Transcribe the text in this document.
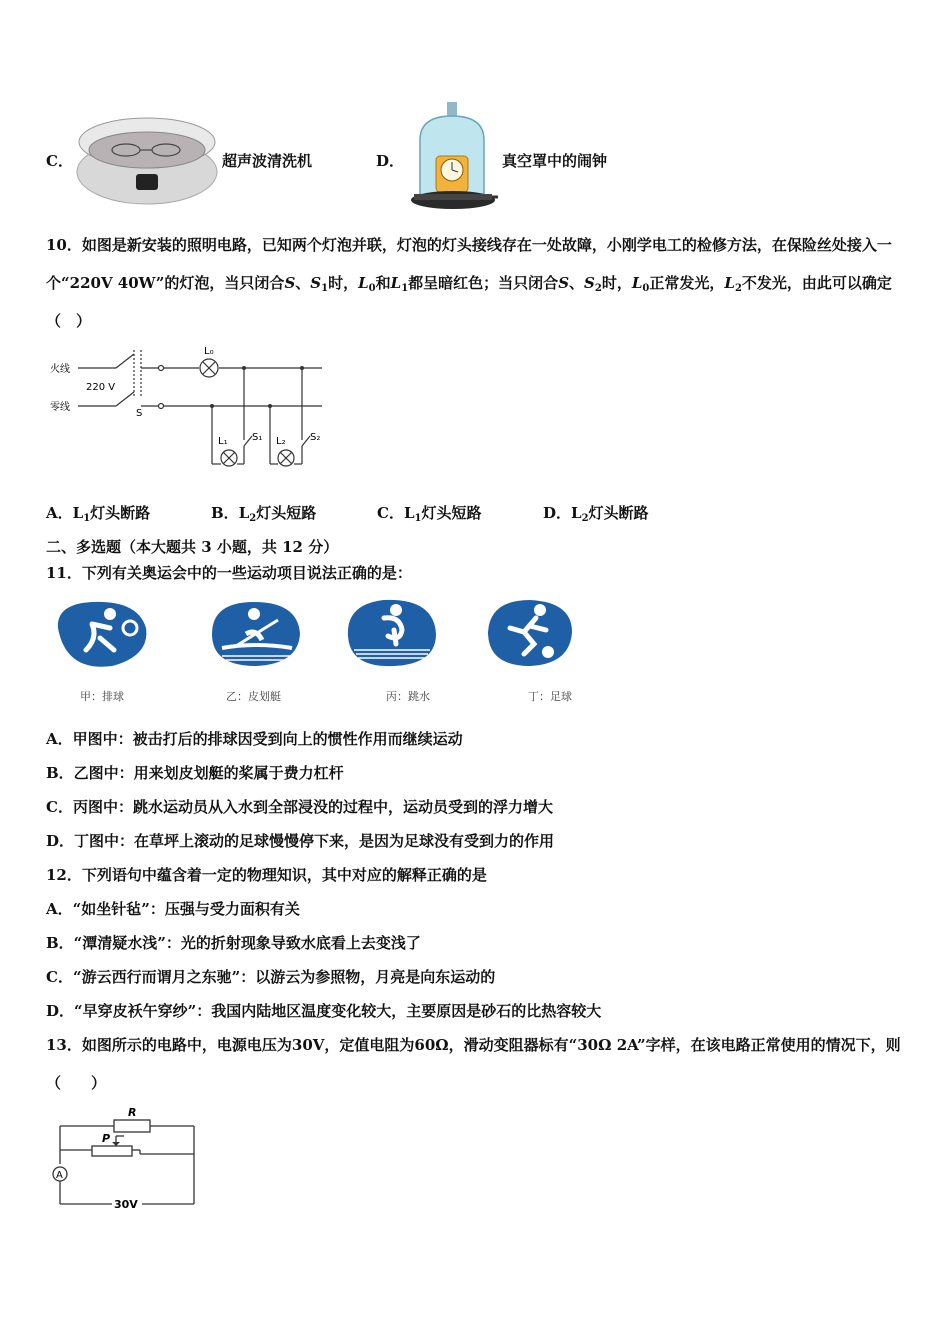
C．	超声波清洗机	D．	真空罩中的闹钟
10．如图是新安装的照明电路，已知两个灯泡并联，灯泡的灯头接线存在一处故障，小刚学电工的检修方法，在保险丝处接入一个“220V 40W”的灯泡，当只闭合S、$S_1$时，$L_0$和$L_1$都呈暗红色；当只闭合S、$S_2$时，$L_0$正常发光，$L_2$不发光，由此可以确定（　）
火线
零线
220 V
S
L₀
L₁ S₁ L₂ S₂
A．$L_1$灯头断路	B．$L_2$灯头短路	C．$L_1$灯头短路	D．$L_2$灯头断路
二、多选题（本大题共 3 小题，共 12 分）
11．下列有关奥运会中的一些运动项目说法正确的是：
甲：排球	乙：皮划艇	丙：跳水	丁：足球
A．甲图中：被击打后的排球因受到向上的惯性作用而继续运动
B．乙图中：用来划皮划艇的桨属于费力杠杆
C．丙图中：跳水运动员从入水到全部浸没的过程中，运动员受到的浮力增大
D．丁图中：在草坪上滚动的足球慢慢停下来，是因为足球没有受到力的作用
12．下列语句中蕴含着一定的物理知识，其中对应的解释正确的是
A．“如坐针毡”：压强与受力面积有关
B．“潭清疑水浅”：光的折射现象导致水底看上去变浅了
C．“游云西行而谓月之东驰”：以游云为参照物，月亮是向东运动的
D．“早穿皮袄午穿纱”：我国内陆地区温度变化较大，主要原因是砂石的比热容较大
13．如图所示的电路中，电源电压为30V，定值电阻为60Ω，滑动变阻器标有“30Ω 2A”字样，在该电路正常使用的情况下，则（　　）
R
P
A
30V
